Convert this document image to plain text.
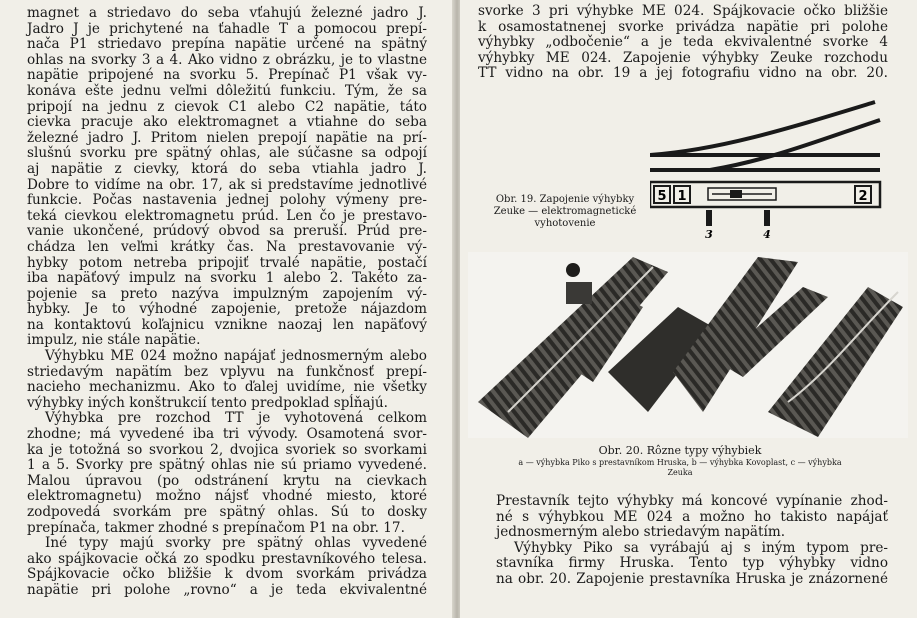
magnet a striedavo do seba vťahujú železné jadro J.
Jadro J je prichytené na ťahadle T a pomocou prepí-
nača P1 striedavo prepína napätie určené na spätný
ohlas na svorky 3 a 4. Ako vidno z obrázku, je to vlastne
napätie pripojené na svorku 5. Prepínač P1 však vy-
konáva ešte jednu veľmi dôležitú funkciu. Tým, že sa
pripojí na jednu z cievok C1 alebo C2 napätie, táto
cievka pracuje ako elektromagnet a vtiahne do seba
železné jadro J. Pritom nielen prepojí napätie na prí-
slušnú svorku pre spätný ohlas, ale súčasne sa odpojí
aj napätie z cievky, ktorá do seba vtiahla jadro J.
Dobre to vidíme na obr. 17, ak si predstavíme jednotlivé
funkcie. Počas nastavenia jednej polohy výmeny pre-
teká cievkou elektromagnetu prúd. Len čo je prestavo-
vanie ukončené, prúdový obvod sa preruší. Prúd pre-
chádza len veľmi krátky čas. Na prestavovanie vý-
hybky potom netreba pripojiť trvalé napätie, postačí
iba napäťový impulz na svorku 1 alebo 2. Takéto za-
pojenie sa preto nazýva impulzným zapojením vý-
hybky. Je to výhodné zapojenie, pretože nájazdom
na kontaktovú koľajnicu vznikne naozaj len napäťový
impulz, nie stále napätie.
Výhybku ME 024 možno napájať jednosmerným alebo
striedavým napätím bez vplyvu na funkčnosť prepí-
nacieho mechanizmu. Ako to ďalej uvidíme, nie všetky
výhybky iných konštrukcií tento predpoklad spĺňajú.
Výhybka pre rozchod TT je vyhotovená celkom
zhodne; má vyvedené iba tri vývody. Osamotená svor-
ka je totožná so svorkou 2, dvojica svoriek so svorkami
1 a 5. Svorky pre spätný ohlas nie sú priamo vyvedené.
Malou úpravou (po odstránení krytu na cievkach
elektromagnetu) možno nájsť vhodné miesto, ktoré
zodpovedá svorkám pre spätný ohlas. Sú to dosky
prepínača, takmer zhodné s prepínačom P1 na obr. 17.
Iné typy majú svorky pre spätný ohlas vyvedené
ako spájkovacie očká zo spodku prestavníkového telesa.
Spájkovacie očko bližšie k dvom svorkám privádza
napätie pri polohe „rovno“ a je teda ekvivalentné
svorke 3 pri výhybke ME 024. Spájkovacie očko bližšie
k osamostatnenej svorke privádza napätie pri polohe
výhybky „odbočenie“ a je teda ekvivalentné svorke 4
výhybky ME 024. Zapojenie výhybky Zeuke rozchodu
TT vidno na obr. 19 a jej fotografiu vidno na obr. 20.
Obr. 19. Zapojenie výhybky
Zeuke — elektromagnetické
vyhotovenie
5 1	2
3	4
Obr. 20. Rôzne typy výhybiek
a — výhybka Piko s prestavníkom Hruska, b — výhybka Kovoplast, c — výhybka
Zeuka
Prestavník tejto výhybky má koncové vypínanie zhod-
né s výhybkou ME 024 a možno ho takisto napájať
jednosmerným alebo striedavým napätím.
Výhybky Piko sa vyrábajú aj s iným typom pre-
stavníka firmy Hruska. Tento typ výhybky vidno
na obr. 20. Zapojenie prestavníka Hruska je znázornené
